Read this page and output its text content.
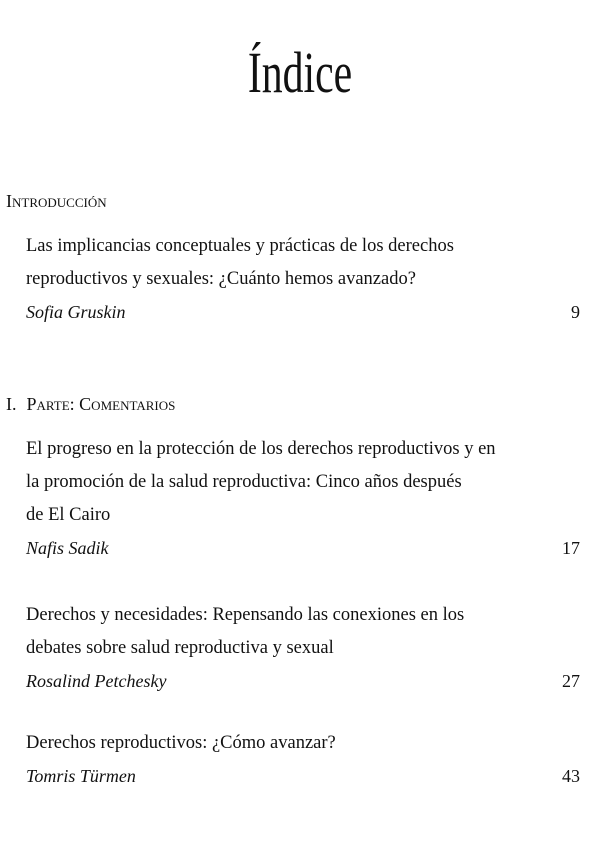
Índice
Introducción
Las implicancias conceptuales y prácticas de los derechos
reproductivos y sexuales: ¿Cuánto hemos avanzado?
Sofia Gruskin	9
I. Parte: Comentarios
El progreso en la protección de los derechos reproductivos y en
la promoción de la salud reproductiva: Cinco años después
de El Cairo
Nafis Sadik	17
Derechos y necesidades: Repensando las conexiones en los
debates sobre salud reproductiva y sexual
Rosalind Petchesky	27
Derechos reproductivos: ¿Cómo avanzar?
Tomris Türmen	43
